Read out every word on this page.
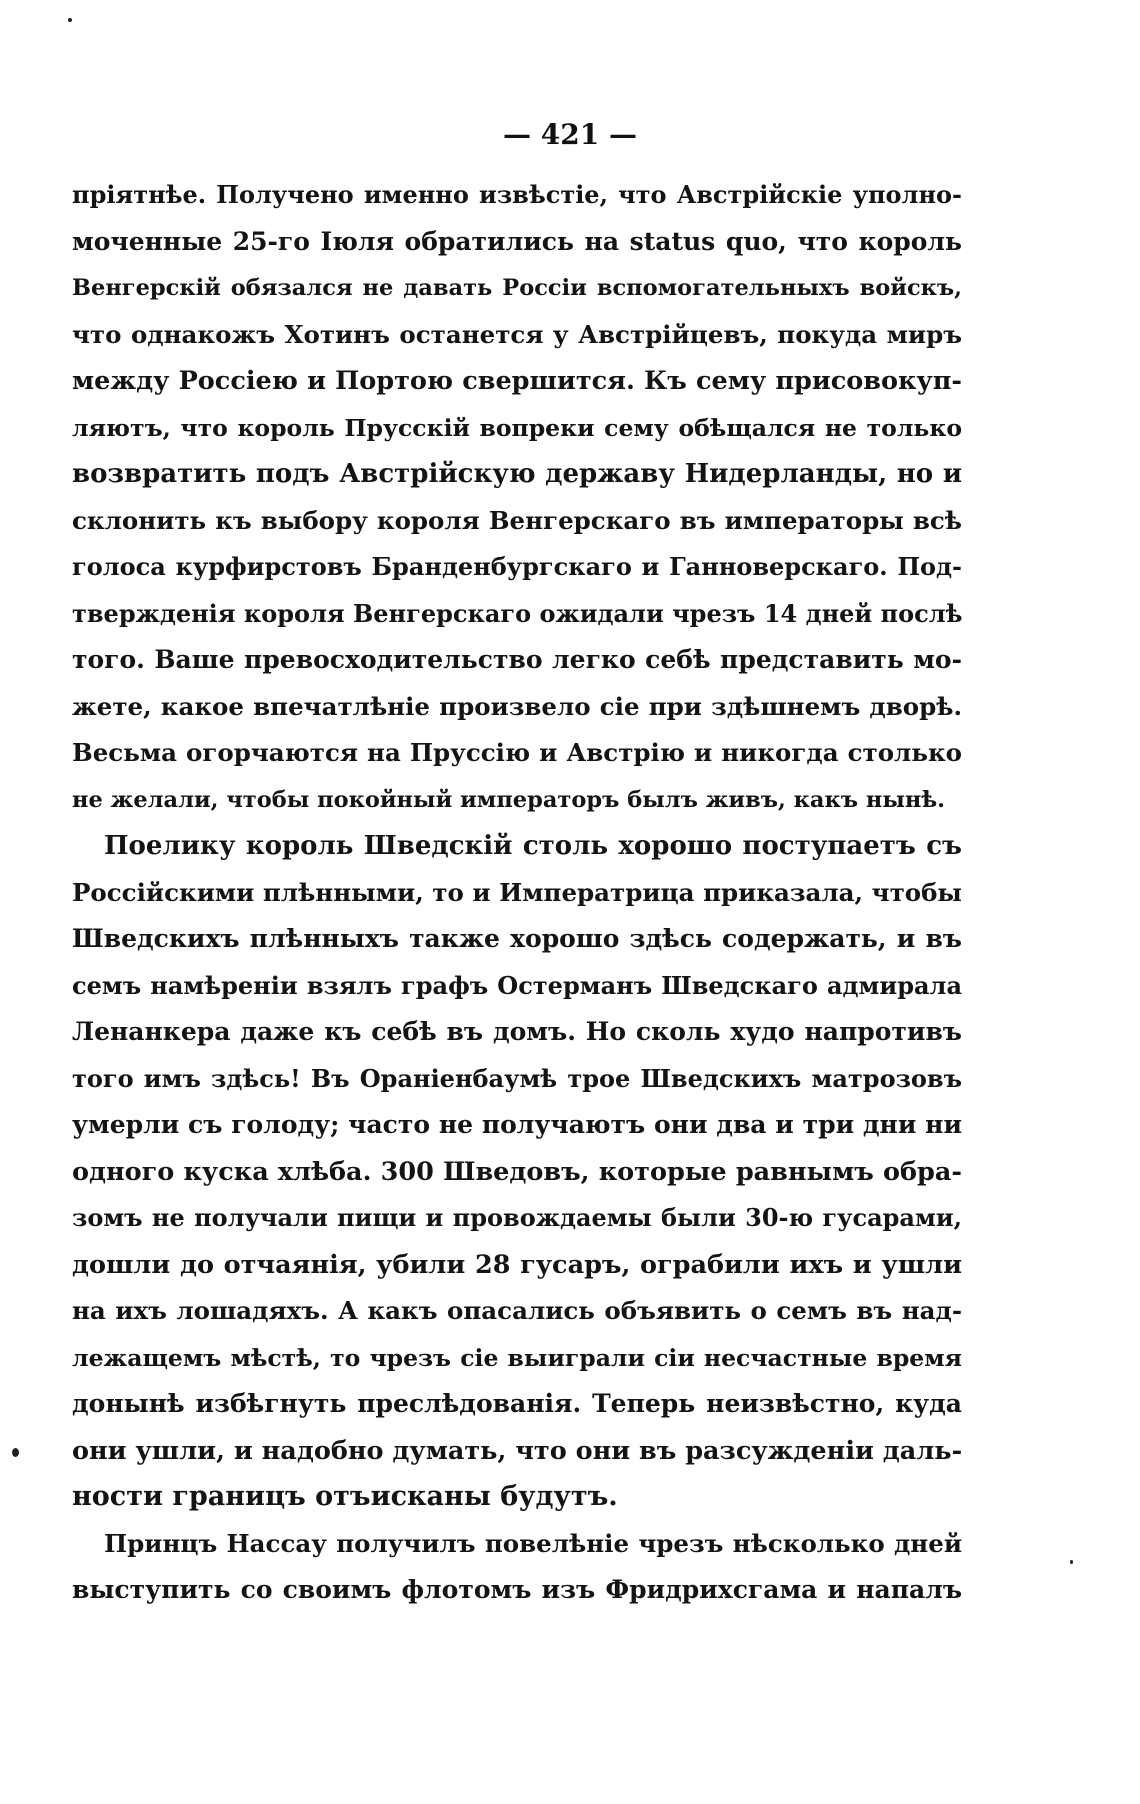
— 421 —
пріятнѣе. Получено именно извѣстіе, что Австрійскіе уполно-
моченные 25-го Іюля обратились на status quo, что король
Венгерскій обязался не давать Россіи вспомогательныхъ войскъ,
что однакожъ Хотинъ останется у Австрійцевъ, покуда миръ
между Россіею и Портою свершится. Къ сему присовокуп-
ляютъ, что король Прусскій вопреки сему обѣщался не только
возвратить подъ Австрійскую державу Нидерланды, но и
склонить къ выбору короля Венгерскаго въ императоры всѣ
голоса курфирстовъ Бранденбургскаго и Ганноверскаго. Под-
твержденія короля Венгерскаго ожидали чрезъ 14 дней послѣ
того. Ваше превосходительство легко себѣ представить мо-
жете, какое впечатлѣніе произвело сіе при здѣшнемъ дворѣ.
Весьма огорчаются на Пруссію и Австрію и никогда столько
не желали, чтобы покойный императоръ былъ живъ, какъ нынѣ.
Поелику король Шведскій столь хорошо поступаетъ съ
Россійскими плѣнными, то и Императрица приказала, чтобы
Шведскихъ плѣнныхъ также хорошо здѣсь содержать, и въ
семъ намѣреніи взялъ графъ Остерманъ Шведскаго адмирала
Ленанкера даже къ себѣ въ домъ. Но сколь худо напротивъ
того имъ здѣсь! Въ Ораніенбаумѣ трое Шведскихъ матрозовъ
умерли съ голоду; часто не получаютъ они два и три дни ни
одного куска хлѣба. 300 Шведовъ, которые равнымъ обра-
зомъ не получали пищи и провождаемы были 30-ю гусарами,
дошли до отчаянія, убили 28 гусаръ, ограбили ихъ и ушли
на ихъ лошадяхъ. А какъ опасались объявить о семъ въ над-
лежащемъ мѣстѣ, то чрезъ сіе выиграли сіи несчастные время
донынѣ избѣгнуть преслѣдованія. Теперь неизвѣстно, куда
они ушли, и надобно думать, что они въ разсужденіи даль-
ности границъ отъисканы будутъ.
Принцъ Нассау получилъ повелѣніе чрезъ нѣсколько дней
выступить со своимъ флотомъ изъ Фридрихсгама и напалъ
